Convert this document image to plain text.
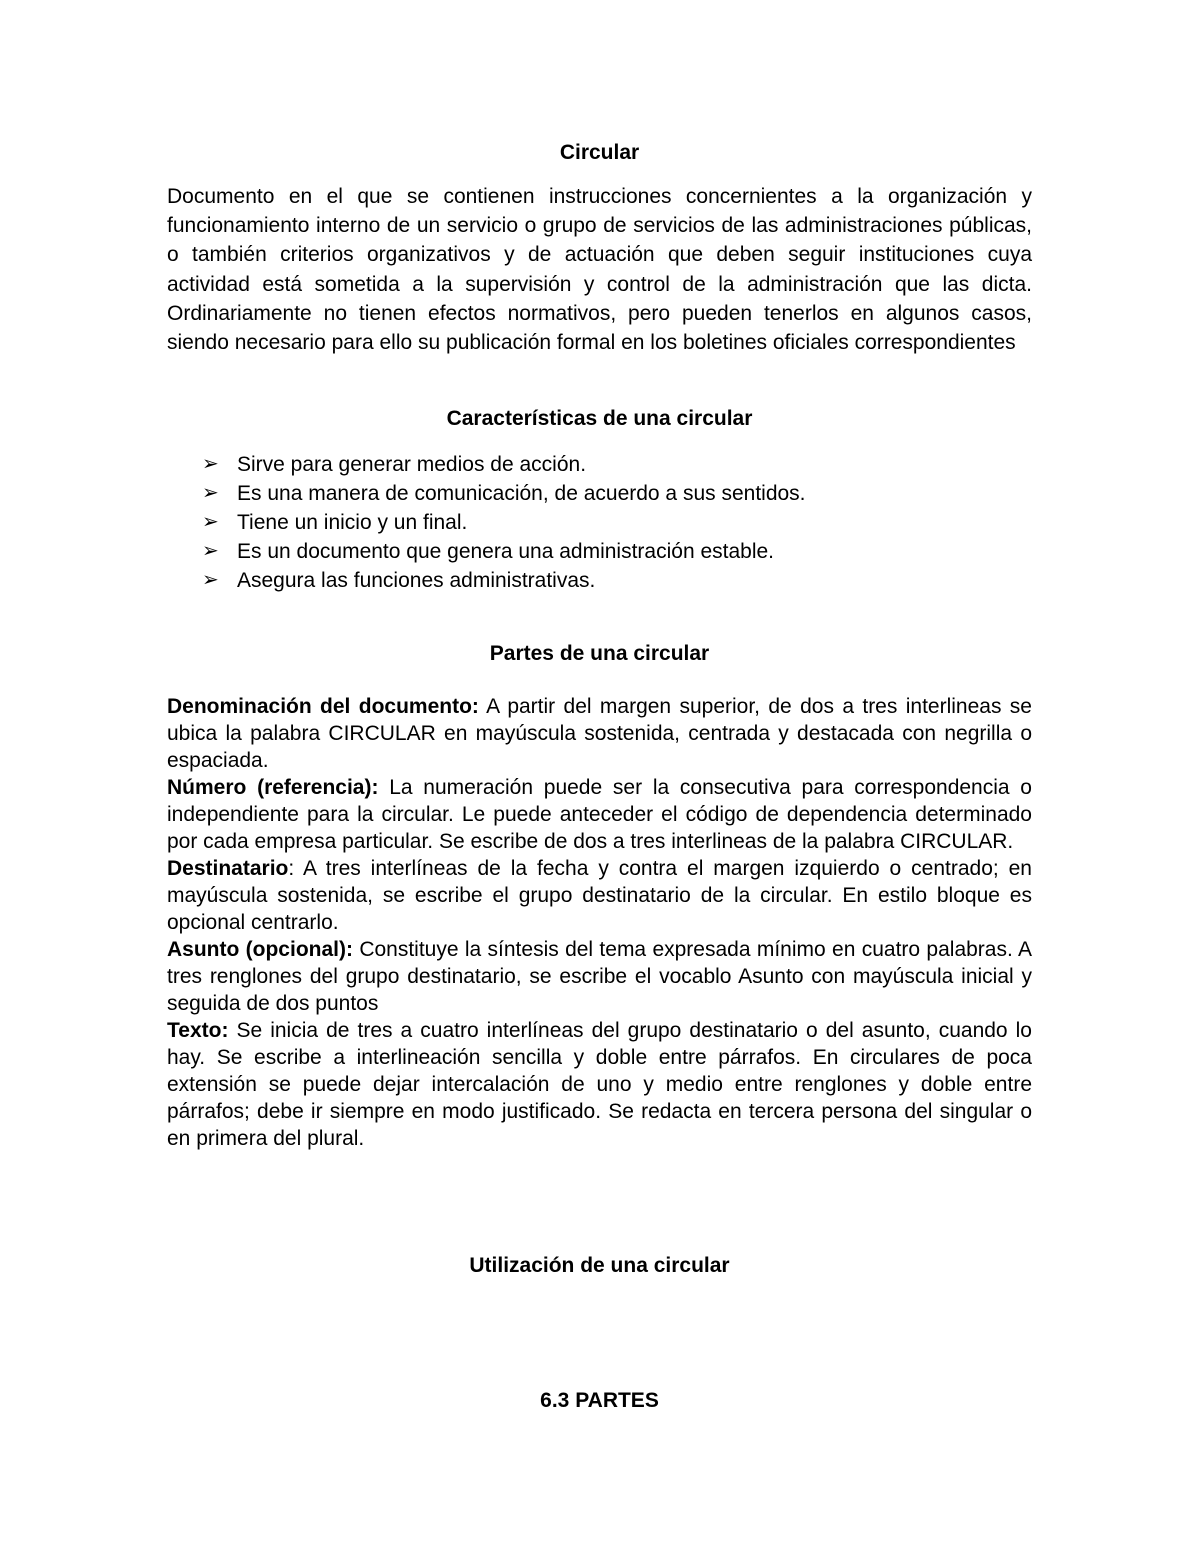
Circular

Documento en el que se contienen instrucciones concernientes a la organización y funcionamiento interno de un servicio o grupo de servicios de las administraciones públicas, o también criterios organizativos y de actuación que deben seguir instituciones cuya actividad está sometida a la supervisión y control de la administración que las dicta. Ordinariamente no tienen efectos normativos, pero pueden tenerlos en algunos casos, siendo necesario para ello su publicación formal en los boletines oficiales correspondientes

Características de una circular
➢ Sirve para generar medios de acción.
➢ Es una manera de comunicación, de acuerdo a sus sentidos.
➢ Tiene un inicio y un final.
➢ Es un documento que genera una administración estable.
➢ Asegura las funciones administrativas.
Partes de una circular

Denominación del documento: A partir del margen superior, de dos a tres interlineas se ubica la palabra CIRCULAR en mayúscula sostenida, centrada y destacada con negrilla o espaciada.

Número (referencia): La numeración puede ser la consecutiva para correspondencia o independiente para la circular. Le puede anteceder el código de dependencia determinado por cada empresa particular. Se escribe de dos a tres interlineas de la palabra CIRCULAR.

Destinatario: A tres interlíneas de la fecha y contra el margen izquierdo o centrado; en mayúscula sostenida, se escribe el grupo destinatario de la circular. En estilo bloque es opcional centrarlo.

Asunto (opcional): Constituye la síntesis del tema expresada mínimo en cuatro palabras. A tres renglones del grupo destinatario, se escribe el vocablo Asunto con mayúscula inicial y seguida de dos puntos

Texto: Se inicia de tres a cuatro interlíneas del grupo destinatario o del asunto, cuando lo hay. Se escribe a interlineación sencilla y doble entre párrafos. En circulares de poca extensión se puede dejar intercalación de uno y medio entre renglones y doble entre párrafos; debe ir siempre en modo justificado. Se redacta en tercera persona del singular o en primera del plural.

Utilización de una circular
6.3 PARTES
